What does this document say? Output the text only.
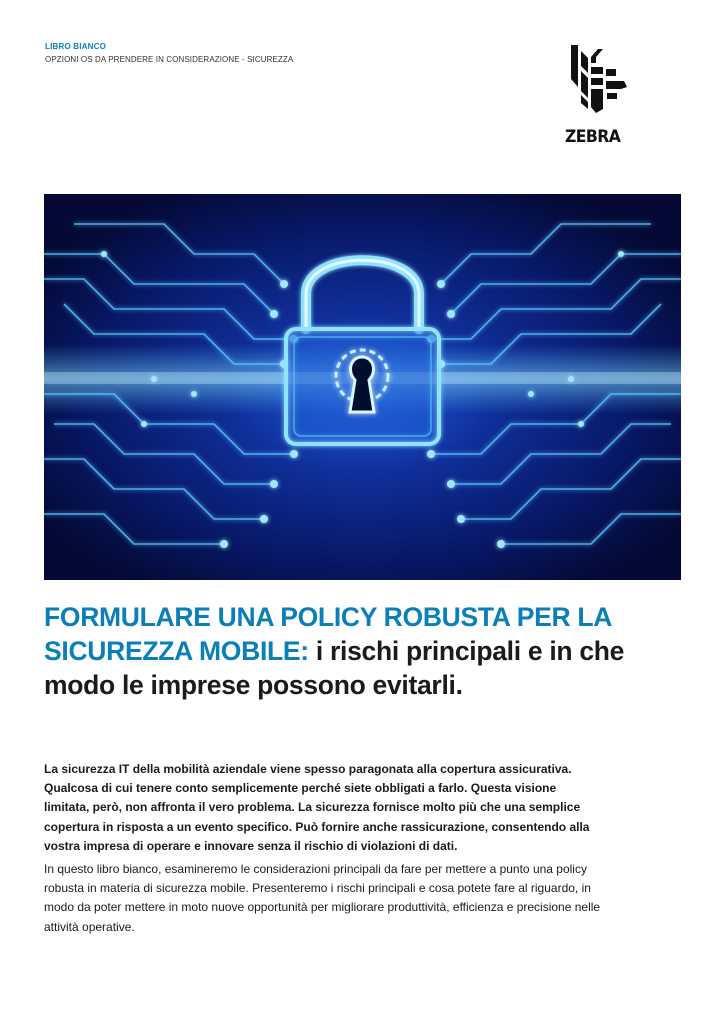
LIBRO BIANCO
OPZIONI OS DA PRENDERE IN CONSIDERAZIONE - SICUREZZA
ZEBRA
FORMULARE UNA POLICY ROBUSTA PER LA SICUREZZA MOBILE: i rischi principali e in che modo le imprese possono evitarli.

La sicurezza IT della mobilità aziendale viene spesso paragonata alla copertura assicurativa. Qualcosa di cui tenere conto semplicemente perché siete obbligati a farlo. Questa visione limitata, però, non affronta il vero problema. La sicurezza fornisce molto più che una semplice copertura in risposta a un evento specifico. Può fornire anche rassicurazione, consentendo alla vostra impresa di operare e innovare senza il rischio di violazioni di dati.

In questo libro bianco, esamineremo le considerazioni principali da fare per mettere a punto una policy robusta in materia di sicurezza mobile. Presenteremo i rischi principali e cosa potete fare al riguardo, in modo da poter mettere in moto nuove opportunità per migliorare produttività, efficienza e precisione nelle attività operative.
